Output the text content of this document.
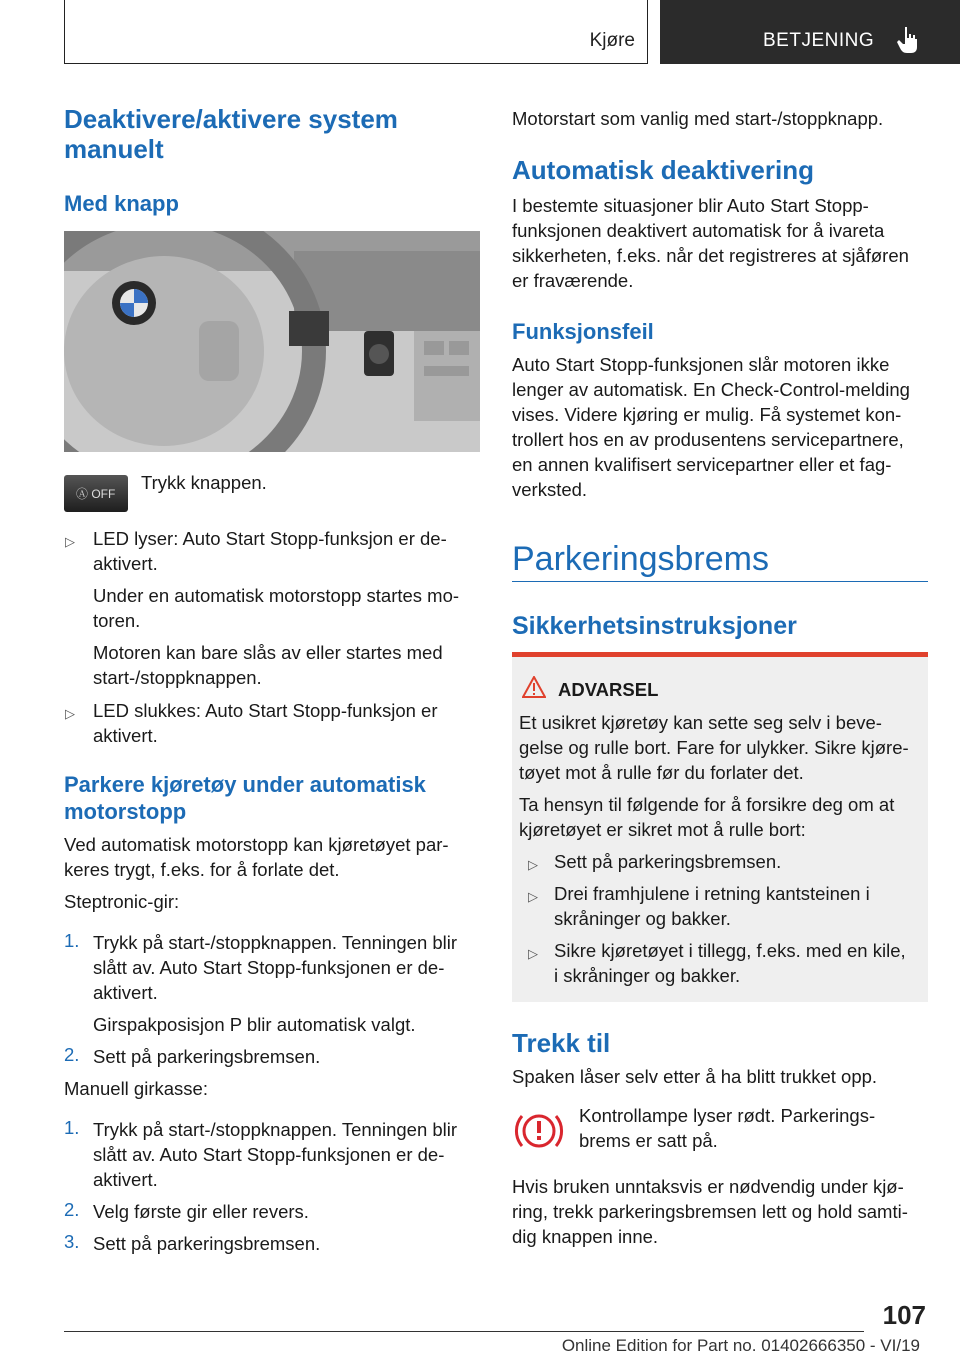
Kjøre	BETJENING
Deaktivere/aktivere system manuelt
Med knapp
Ⓐ OFF

Trykk knappen.

▷ LED lyser: Auto Start Stopp-funksjon er de-

aktivert.

Under en automatisk motorstopp startes mo-

toren.

Motoren kan bare slås av eller startes med

start-/stoppknappen.

▷ LED slukkes: Auto Start Stopp-funksjon er

aktivert.

Parkere kjøretøy under automatisk motorstopp

Ved automatisk motorstopp kan kjøretøyet par-

keres trygt, f.eks. for å forlate det.

Steptronic-gir:

1. Trykk på start-/stoppknappen. Tenningen blir

slått av. Auto Start Stopp-funksjonen er de-

aktivert.

Girspakposisjon P blir automatisk valgt.

2. Sett på parkeringsbremsen.

Manuell girkasse:

1. Trykk på start-/stoppknappen. Tenningen blir

slått av. Auto Start Stopp-funksjonen er de-

aktivert.

2. Velg første gir eller revers.

3. Sett på parkeringsbremsen.

Motorstart som vanlig med start-/stoppknapp.

Automatisk deaktivering

I bestemte situasjoner blir Auto Start Stopp-

funksjonen deaktivert automatisk for å ivareta

sikkerheten, f.eks. når det registreres at sjåføren

er fraværende.

Funksjonsfeil

Auto Start Stopp-funksjonen slår motoren ikke

lenger av automatisk. En Check-Control-melding

vises. Videre kjøring er mulig. Få systemet kon-

trollert hos en av produsentens servicepartnere,

en annen kvalifisert servicepartner eller et fag-

verksted.

Parkeringsbrems
Sikkerhetsinstruksjoner
ADVARSEL

Et usikret kjøretøy kan sette seg selv i beve-

gelse og rulle bort. Fare for ulykker. Sikre kjøre-

tøyet mot å rulle før du forlater det.

Ta hensyn til følgende for å forsikre deg om at

kjøretøyet er sikret mot å rulle bort:

▷ Sett på parkeringsbremsen.

▷ Drei framhjulene i retning kantsteinen i

skråninger og bakker.

▷ Sikre kjøretøyet i tillegg, f.eks. med en kile,

i skråninger og bakker.

Trekk til

Spaken låser selv etter å ha blitt trukket opp.

Kontrollampe lyser rødt. Parkerings-

brems er satt på.

Hvis bruken unntaksvis er nødvendig under kjø-

ring, trekk parkeringsbremsen lett og hold samti-

dig knappen inne.

107
Online Edition for Part no. 01402666350 - VI/19
